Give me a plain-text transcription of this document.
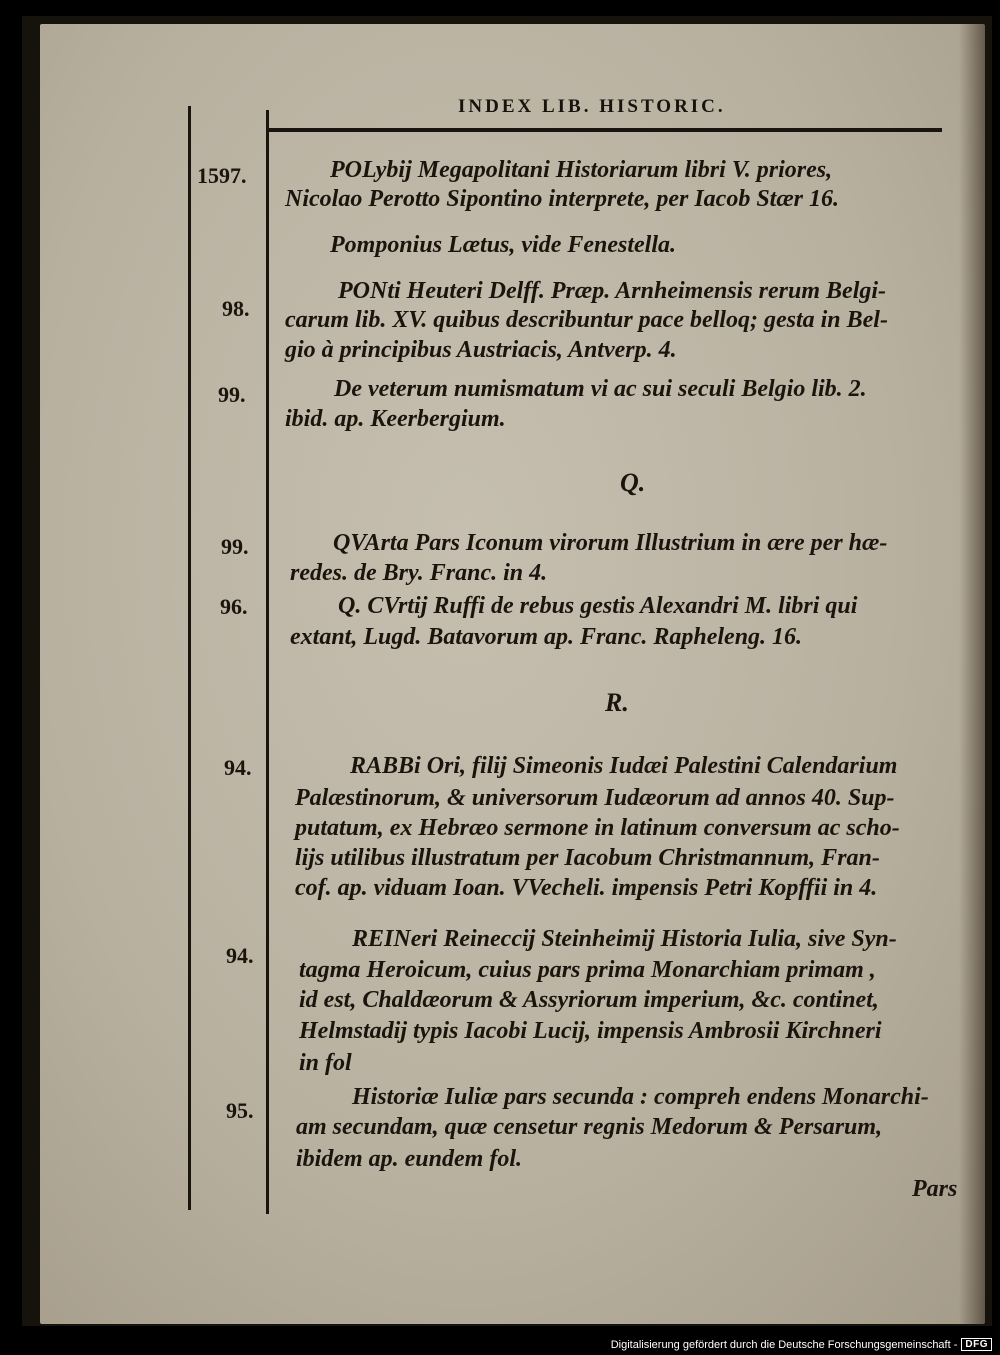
INDEX LIB. HISTORIC.
1597.
98.
99.
99.
96.
94.
94.
95.
Q.
R.
POLybij Megapolitani Historiarum libri V. priores,
Nicolao Perotto Sipontino interprete, per Iacob Stær 16.
Pomponius Lætus, vide Fenestella.
PONti Heuteri Delff. Præp. Arnheimensis rerum Belgi-
carum lib. XV. quibus describuntur pace belloq; gesta in Bel-
gio à principibus Austriacis, Antverp. 4.
De veterum numismatum vi ac sui seculi Belgio lib. 2.
ibid. ap. Keerbergium.
QVArta Pars Iconum virorum Illustrium in ære per hæ-
redes. de Bry. Franc. in 4.
Q. CVrtij Ruffi de rebus gestis Alexandri M. libri qui
extant, Lugd. Batavorum ap. Franc. Rapheleng. 16.
RABBi Ori, filij Simeonis Iudæi Palestini Calendarium
Palæstinorum, & universorum Iudæorum ad annos 40. Sup-
putatum, ex Hebræo sermone in latinum conversum ac scho-
lijs utilibus illustratum per Iacobum Christmannum, Fran-
cof. ap. viduam Ioan. VVecheli. impensis Petri Kopffii in 4.
REINeri Reineccij Steinheimij Historia Iulia, sive Syn-
tagma Heroicum, cuius pars prima Monarchiam primam ,
id est, Chaldæorum & Assyriorum imperium, &c. continet,
Helmstadij typis Iacobi Lucij, impensis Ambrosii Kirchneri
in fol
Historiæ Iuliæ pars secunda : compreh endens Monarchi-
am secundam, quæ censetur regnis Medorum & Persarum,
ibidem ap. eundem fol.
Pars
Digitalisierung gefördert durch die Deutsche Forschungsgemeinschaft - DFG
